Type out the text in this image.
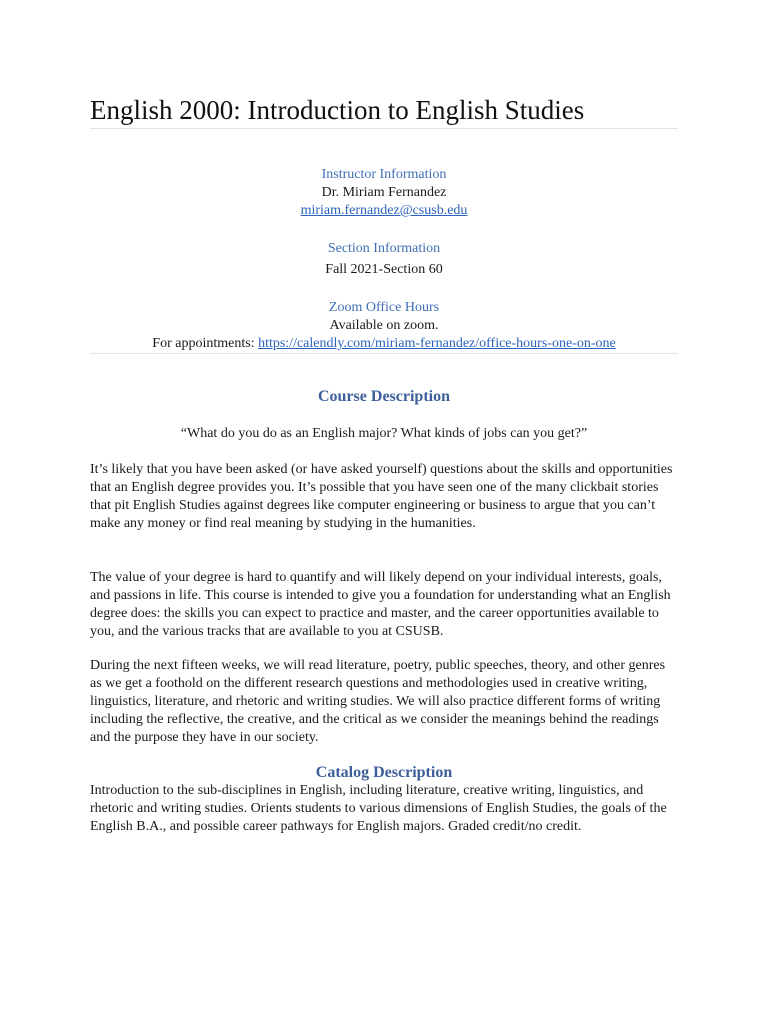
English 2000: Introduction to English Studies
Instructor Information
Dr. Miriam Fernandez
miriam.fernandez@csusb.edu
Section Information
Fall 2021-Section 60
Zoom Office Hours
Available on zoom.
For appointments: https://calendly.com/miriam-fernandez/office-hours-one-on-one
Course Description
“What do you do as an English major? What kinds of jobs can you get?”

It’s likely that you have been asked (or have asked yourself) questions about the skills and opportunities that an English degree provides you. It’s possible that you have seen one of the many clickbait stories that pit English Studies against degrees like computer engineering or business to argue that you can’t make any money or find real meaning by studying in the humanities.

The value of your degree is hard to quantify and will likely depend on your individual interests, goals, and passions in life. This course is intended to give you a foundation for understanding what an English degree does: the skills you can expect to practice and master, and the career opportunities available to you, and the various tracks that are available to you at CSUSB.

During the next fifteen weeks, we will read literature, poetry, public speeches, theory, and other genres as we get a foothold on the different research questions and methodologies used in creative writing, linguistics, literature, and rhetoric and writing studies. We will also practice different forms of writing including the reflective, the creative, and the critical as we consider the meanings behind the readings and the purpose they have in our society.

Catalog Description

Introduction to the sub-disciplines in English, including literature, creative writing, linguistics, and rhetoric and writing studies. Orients students to various dimensions of English Studies, the goals of the English B.A., and possible career pathways for English majors. Graded credit/no credit.
